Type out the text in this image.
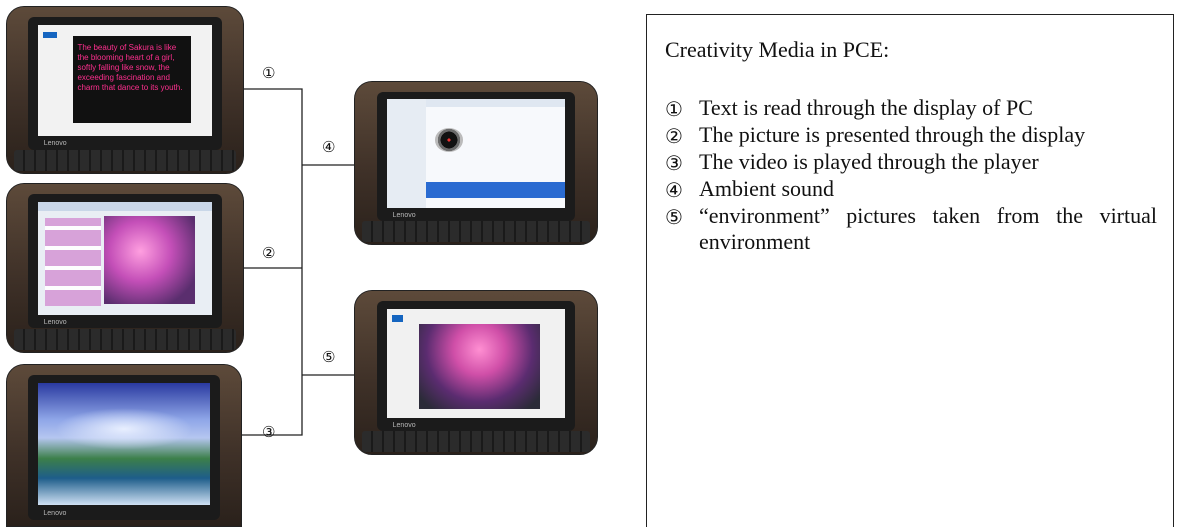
The beauty of Sakura is like the blooming heart of a girl, softly falling like snow, the exceeding fascination and charm that dance to its youth.
Lenovo
Lenovo
Lenovo
Lenovo
Lenovo
①
②
③
④
⑤
Creativity Media in PCE:
① Text is read through the display of PC
② The picture is presented through the display
③ The video is played through the player
④ Ambient sound
⑤ “environment” pictures taken from the virtual environment
